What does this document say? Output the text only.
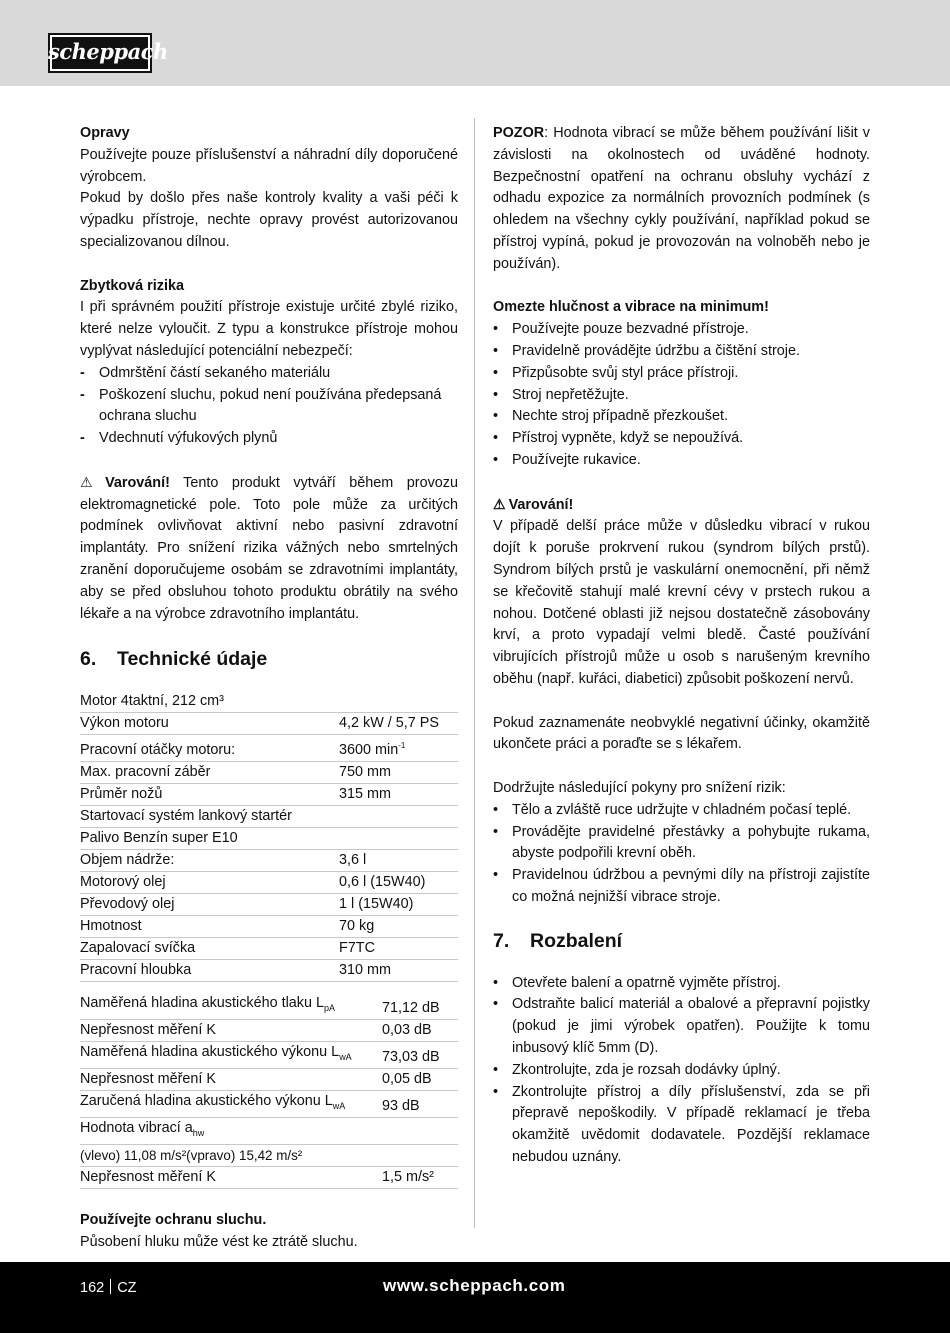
scheppach

Opravy

Používejte pouze příslušenství a náhradní díly doporučené výrobcem.

Pokud by došlo přes naše kontroly kvality a vaši péči k výpadku přístroje, nechte opravy provést autorizovanou specializovanou dílnou.

Zbytková rizika

I při správném použití přístroje existuje určité zbylé riziko, které nelze vyloučit. Z typu a konstrukce přístroje mohou vyplývat následující potenciální nebezpečí:

- Odmrštění částí sekaného materiálu
- Poškození sluchu, pokud není používána předepsaná ochrana sluchu
- Vdechnutí výfukových plynů

⚠ Varování! Tento produkt vytváří během provozu elektromagnetické pole. Toto pole může za určitých podmínek ovlivňovat aktivní nebo pasivní zdravotní implantáty. Pro snížení rizika vážných nebo smrtelných zranění doporučujeme osobám se zdravotními implantáty, aby se před obsluhou tohoto produktu obrátily na svého lékaře a na výrobce zdravotního implantátu.

6. Technické údaje
Motor 4taktní, 212 cm³	
Výkon motoru	4,2 kW / 5,7 PS
Pracovní otáčky motoru:	3600 $\min^{-1}$
Max. pracovní záběr	750 mm
Průměr nožů	315 mm
Startovací systém lankový startér	
Palivo Benzín super E10	
Objem nádrže:	3,6 l
Motorový olej	0,6 l (15W40)
Převodový olej	1 l (15W40)
Hmotnost	70 kg
Zapalovací svíčka	F7TC
Pracovní hloubka	310 mm
Naměřená hladina akustického tlaku $L_{pA}$	71,12 dB
Nepřesnost měření K	0,03 dB
Naměřená hladina akustického výkonu $L_{wA}$	73,03 dB
Nepřesnost měření K	0,05 dB
Zaručená hladina akustického výkonu $L_{wA}$	93 dB
Hodnota vibrací $a_{hw}$
(vlevo) 11,08 m/s²(vpravo) 15,42 m/s²	
Nepřesnost měření K	1,5 m/s²

Používejte ochranu sluchu.

Působení hluku může vést ke ztrátě sluchu.

POZOR: Hodnota vibrací se může během používání lišit v závislosti na okolnostech od uváděné hodnoty. Bezpečnostní opatření na ochranu obsluhy vychází z odhadu expozice za normálních provozních podmínek (s ohledem na všechny cykly používání, například pokud se přístroj vypíná, pokud je provozován na volnoběh nebo je používán).

Omezte hlučnost a vibrace na minimum!

• Používejte pouze bezvadné přístroje.
• Pravidelně provádějte údržbu a čištění stroje.
• Přizpůsobte svůj styl práce přístroji.
• Stroj nepřetěžujte.
• Nechte stroj případně přezkoušet.
• Přístroj vypněte, když se nepoužívá.
• Používejte rukavice.

⚠ Varování!

V případě delší práce může v důsledku vibrací v rukou dojít k poruše prokrvení rukou (syndrom bílých prstů). Syndrom bílých prstů je vaskulární onemocnění, při němž se křečovitě stahují malé krevní cévy v prstech rukou a nohou. Dotčené oblasti již nejsou dostatečně zásobovány krví, a proto vypadají velmi bledě. Časté používání vibrujících přístrojů může u osob s narušeným krevního oběhu (např. kuřáci, diabetici) způsobit poškození nervů.

Pokud zaznamenáte neobvyklé negativní účinky, okamžitě ukončete práci a poraďte se s lékařem.

Dodržujte následující pokyny pro snížení rizik:

• Tělo a zvláště ruce udržujte v chladném počasí teplé.
• Provádějte pravidelné přestávky a pohybujte rukama, abyste podpořili krevní oběh.
• Pravidelnou údržbou a pevnými díly na přístroji zajistíte co možná nejnižší vibrace stroje.
7. Rozbalení
• Otevřete balení a opatrně vyjměte přístroj.
• Odstraňte balicí materiál a obalové a přepravní pojistky (pokud je jimi výrobek opatřen). Použijte k tomu inbusový klíč 5mm (D).
• Zkontrolujte, zda je rozsah dodávky úplný.
• Zkontrolujte přístroj a díly příslušenství, zda se při přepravě nepoškodily. V případě reklamací je třeba okamžitě uvědomit dodavatele. Pozdější reklamace nebudou uznány.
162 CZ	www.scheppach.com
